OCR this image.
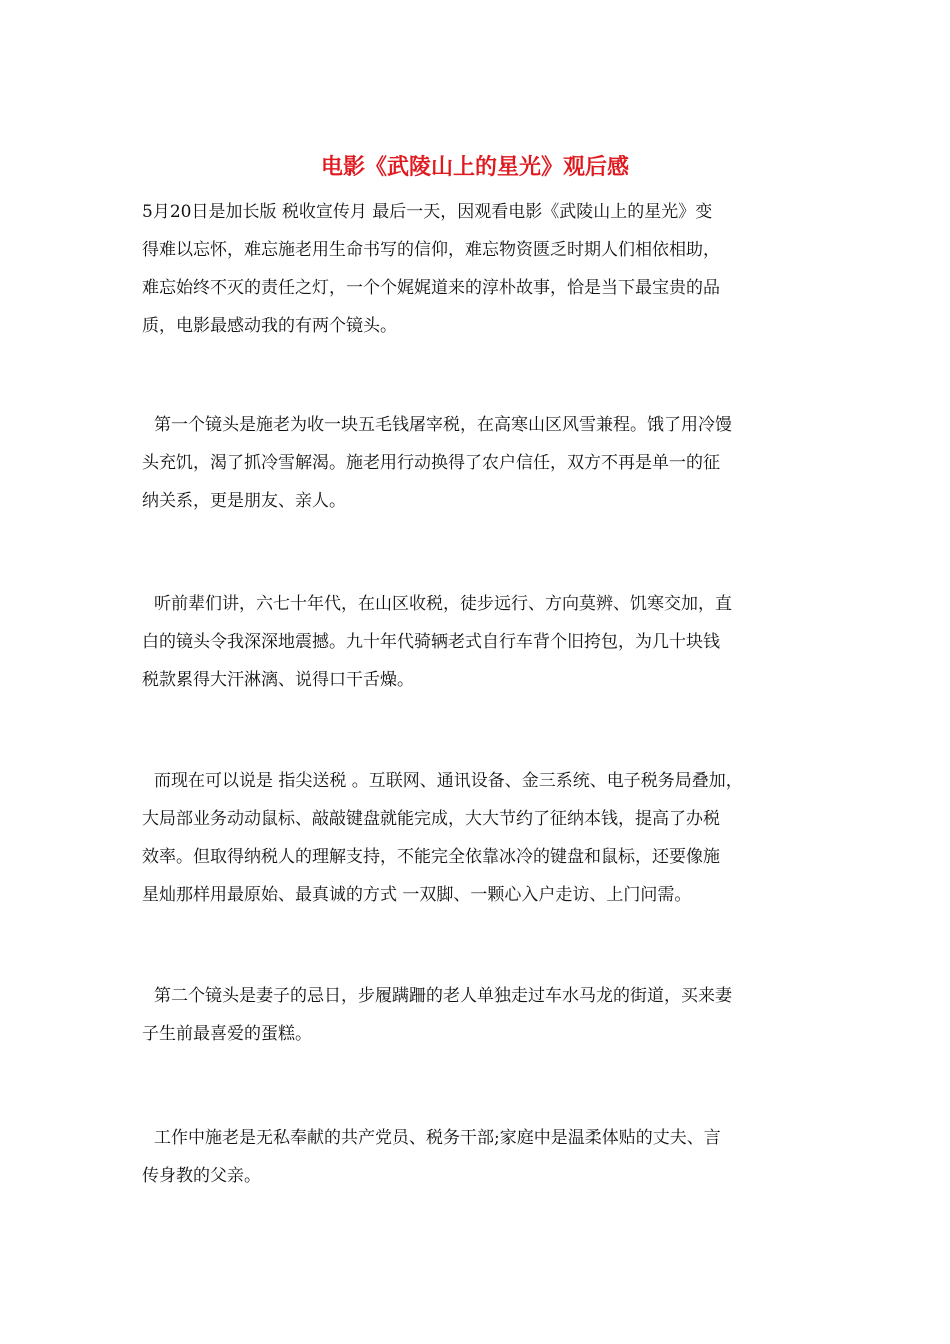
电影《武陵山上的星光》观后感

5月20日是加长版 税收宣传月 最后一天，因观看电影《武陵山上的星光》变
得难以忘怀，难忘施老用生命书写的信仰，难忘物资匮乏时期人们相依相助，
难忘始终不灭的责任之灯，一个个娓娓道来的淳朴故事，恰是当下最宝贵的品
质，电影最感动我的有两个镜头。

第一个镜头是施老为收一块五毛钱屠宰税，在高寒山区风雪兼程。饿了用冷馒
头充饥，渴了抓冷雪解渴。施老用行动换得了农户信任，双方不再是单一的征
纳关系，更是朋友、亲人。

听前辈们讲，六七十年代，在山区收税，徒步远行、方向莫辨、饥寒交加，直
白的镜头令我深深地震撼。九十年代骑辆老式自行车背个旧挎包，为几十块钱
税款累得大汗淋漓、说得口干舌燥。

而现在可以说是 指尖送税 。互联网、通讯设备、金三系统、电子税务局叠加，
大局部业务动动鼠标、敲敲键盘就能完成，大大节约了征纳本钱，提高了办税
效率。但取得纳税人的理解支持，不能完全依靠冰冷的键盘和鼠标，还要像施
星灿那样用最原始、最真诚的方式 一双脚、一颗心入户走访、上门问需。

第二个镜头是妻子的忌日，步履蹒跚的老人单独走过车水马龙的街道，买来妻
子生前最喜爱的蛋糕。

工作中施老是无私奉献的共产党员、税务干部;家庭中是温柔体贴的丈夫、言
传身教的父亲。
